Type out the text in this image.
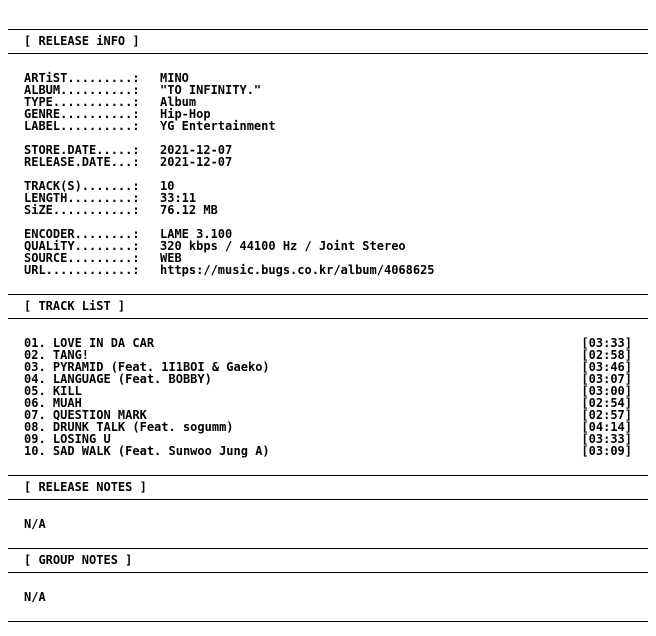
[ RELEASE iNFO ]
ARTiST.........:	MINO
ALBUM..........:	"TO INFINITY."
TYPE...........:	Album
GENRE..........:	Hip-Hop
LABEL..........:	YG Entertainment
STORE.DATE.....:	2021-12-07
RELEASE.DATE...:	2021-12-07
TRACK(S).......:	10
LENGTH.........:	33:11
SiZE...........:	76.12 MB
ENCODER........:	LAME 3.100
QUALiTY........:	320 kbps / 44100 Hz / Joint Stereo
SOURCE.........:	WEB
URL............:	https://music.bugs.co.kr/album/4068625
[ TRACK LiST ]
01. LOVE IN DA CAR	[03:33]
02. TANG!	[02:58]
03. PYRAMID (Feat. 1I1BOI & Gaeko)	[03:46]
04. LANGUAGE (Feat. BOBBY)	[03:07]
05. KILL	[03:00]
06. MUAH	[02:54]
07. QUESTION MARK	[02:57]
08. DRUNK TALK (Feat. sogumm)	[04:14]
09. LOSING U	[03:33]
10. SAD WALK (Feat. Sunwoo Jung A)	[03:09]
[ RELEASE NOTES ]
N/A
[ GROUP NOTES ]
N/A
